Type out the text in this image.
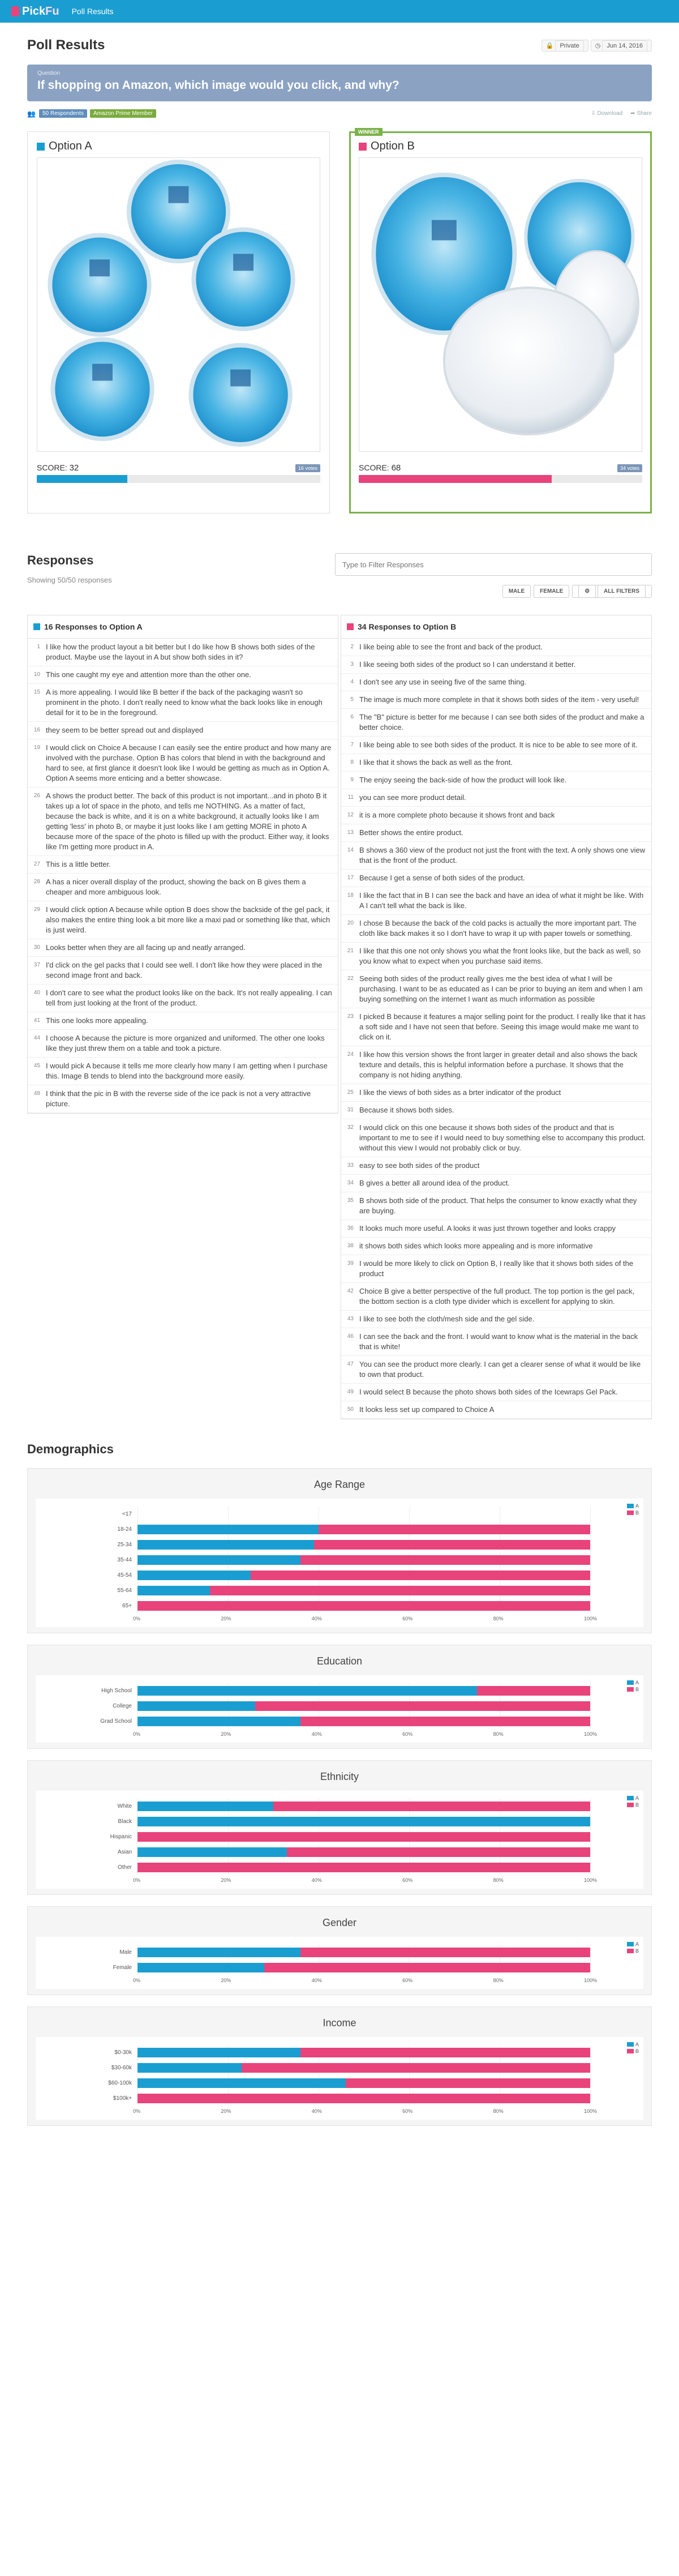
Pick Fu Poll Results
Poll Results	🔒 Private	◷ Jun 14, 2016
Question
If shopping on Amazon, which image would you click, and why?
👥	50 Respondents	Amazon Prime Member	⇩ Download ➦ Share
Option A
SCORE: 32	16 votes
WINNER
Option B
SCORE: 68	34 votes
Responses
Showing 50/50 responses
Type to Filter Responses
MALE	FEMALE	⚙ ALL FILTERS
16 Responses to Option A
1 I like how the product layout a bit better but I do like how B shows both sides of the product. Maybe use the layout in A but show both sides in it?
10 This one caught my eye and attention more than the other one.
15 A is more appealing. I would like B better if the back of the packaging wasn't so prominent in the photo. I don't really need to know what the back looks like in enough detail for it to be in the foreground.
16 they seem to be better spread out and displayed
19 I would click on Choice A because I can easily see the entire product and how many are involved with the purchase. Option B has colors that blend in with the background and hard to see, at first glance it doesn't look like I would be getting as much as in Option A. Option A seems more enticing and a better showcase.
26 A shows the product better. The back of this product is not important...and in photo B it takes up a lot of space in the photo, and tells me NOTHING. As a matter of fact, because the back is white, and it is on a white background, it actually looks like I am getting 'less' in photo B, or maybe it just looks like I am getting MORE in photo A because more of the space of the photo is filled up with the product. Either way, it looks like I'm getting more product in A.
27 This is a little better.
28 A has a nicer overall display of the product, showing the back on B gives them a cheaper and more ambiguous look.
29 I would click option A because while option B does show the backside of the gel pack, it also makes the entire thing look a bit more like a maxi pad or something like that, which is just weird.
30 Looks better when they are all facing up and neatly arranged.
37 I'd click on the gel packs that I could see well. I don't like how they were placed in the second image front and back.
40 I don't care to see what the product looks like on the back. It's not really appealing. I can tell from just looking at the front of the product.
41 This one looks more appealing.
44 I choose A because the picture is more organized and uniformed. The other one looks like they just threw them on a table and took a picture.
45 I would pick A because it tells me more clearly how many I am getting when I purchase this. Image B tends to blend into the background more easily.
48 I think that the pic in B with the reverse side of the ice pack is not a very attractive picture.
34 Responses to Option B
2 I like being able to see the front and back of the product.
3 I like seeing both sides of the product so I can understand it better.
4 I don't see any use in seeing five of the same thing.
5 The image is much more complete in that it shows both sides of the item - very useful!
6 The "B" picture is better for me because I can see both sides of the product and make a better choice.
7 I like being able to see both sides of the product. It is nice to be able to see more of it.
8 I like that it shows the back as well as the front.
9 The enjoy seeing the back-side of how the product will look like.
11 you can see more product detail.
12 it is a more complete photo because it shows front and back
13 Better shows the entire product.
14 B shows a 360 view of the product not just the front with the text. A only shows one view that is the front of the product.
17 Because I get a sense of both sides of the product.
18 I like the fact that in B I can see the back and have an idea of what it might be like. With A I can't tell what the back is like.
20 I chose B because the back of the cold packs is actually the more important part. The cloth like back makes it so I don't have to wrap it up with paper towels or something.
21 I like that this one not only shows you what the front looks like, but the back as well, so you know what to expect when you purchase said items.
22 Seeing both sides of the product really gives me the best idea of what I will be purchasing. I want to be as educated as I can be prior to buying an item and when I am buying something on the internet I want as much information as possible
23 I picked B because it features a major selling point for the product. I really like that it has a soft side and I have not seen that before. Seeing this image would make me want to click on it.
24 I like how this version shows the front larger in greater detail and also shows the back texture and details, this is helpful information before a purchase. It shows that the company is not hiding anything.
25 I like the views of both sides as a brter indicator of the product
31 Because it shows both sides.
32 I would click on this one because it shows both sides of the product and that is important to me to see if I would need to buy something else to accompany this product. without this view I would not probably click or buy.
33 easy to see both sides of the product
34 B gives a better all around idea of the product.
35 B shows both side of the product. That helps the consumer to know exactly what they are buying.
36 It looks much more useful. A looks it was just thrown together and looks crappy
38 it shows both sides which looks more appealing and is more informative
39 I would be more likely to click on Option B, I really like that it shows both sides of the product
42 Choice B give a better perspective of the full product. The top portion is the gel pack, the bottom section is a cloth type divider which is excellent for applying to skin.
43 I like to see both the cloth/mesh side and the gel side.
46 I can see the back and the front. I would want to know what is the material in the back that is white!
47 You can see the product more clearly. I can get a clearer sense of what it would be like to own that product.
49 I would select B because the photo shows both sides of the Icewraps Gel Pack.
50 It looks less set up compared to Choice A
Demographics
Age Range
A
B
<17
18-24
25-34
35-44
45-54
55-64
65+
0%	20%	40%	60%	80%	100%
Education
A
B
High School
College
Grad School
0%	20%	40%	60%	80%	100%
Ethnicity
A
B
White
Black
Hispanic
Asian
Other
0%	20%	40%	60%	80%	100%
Gender
A
B
Male
Female
0%	20%	40%	60%	80%	100%
Income
A
B
$0-30k
$30-60k
$60-100k
$100k+
0%	20%	40%	60%	80%	100%
